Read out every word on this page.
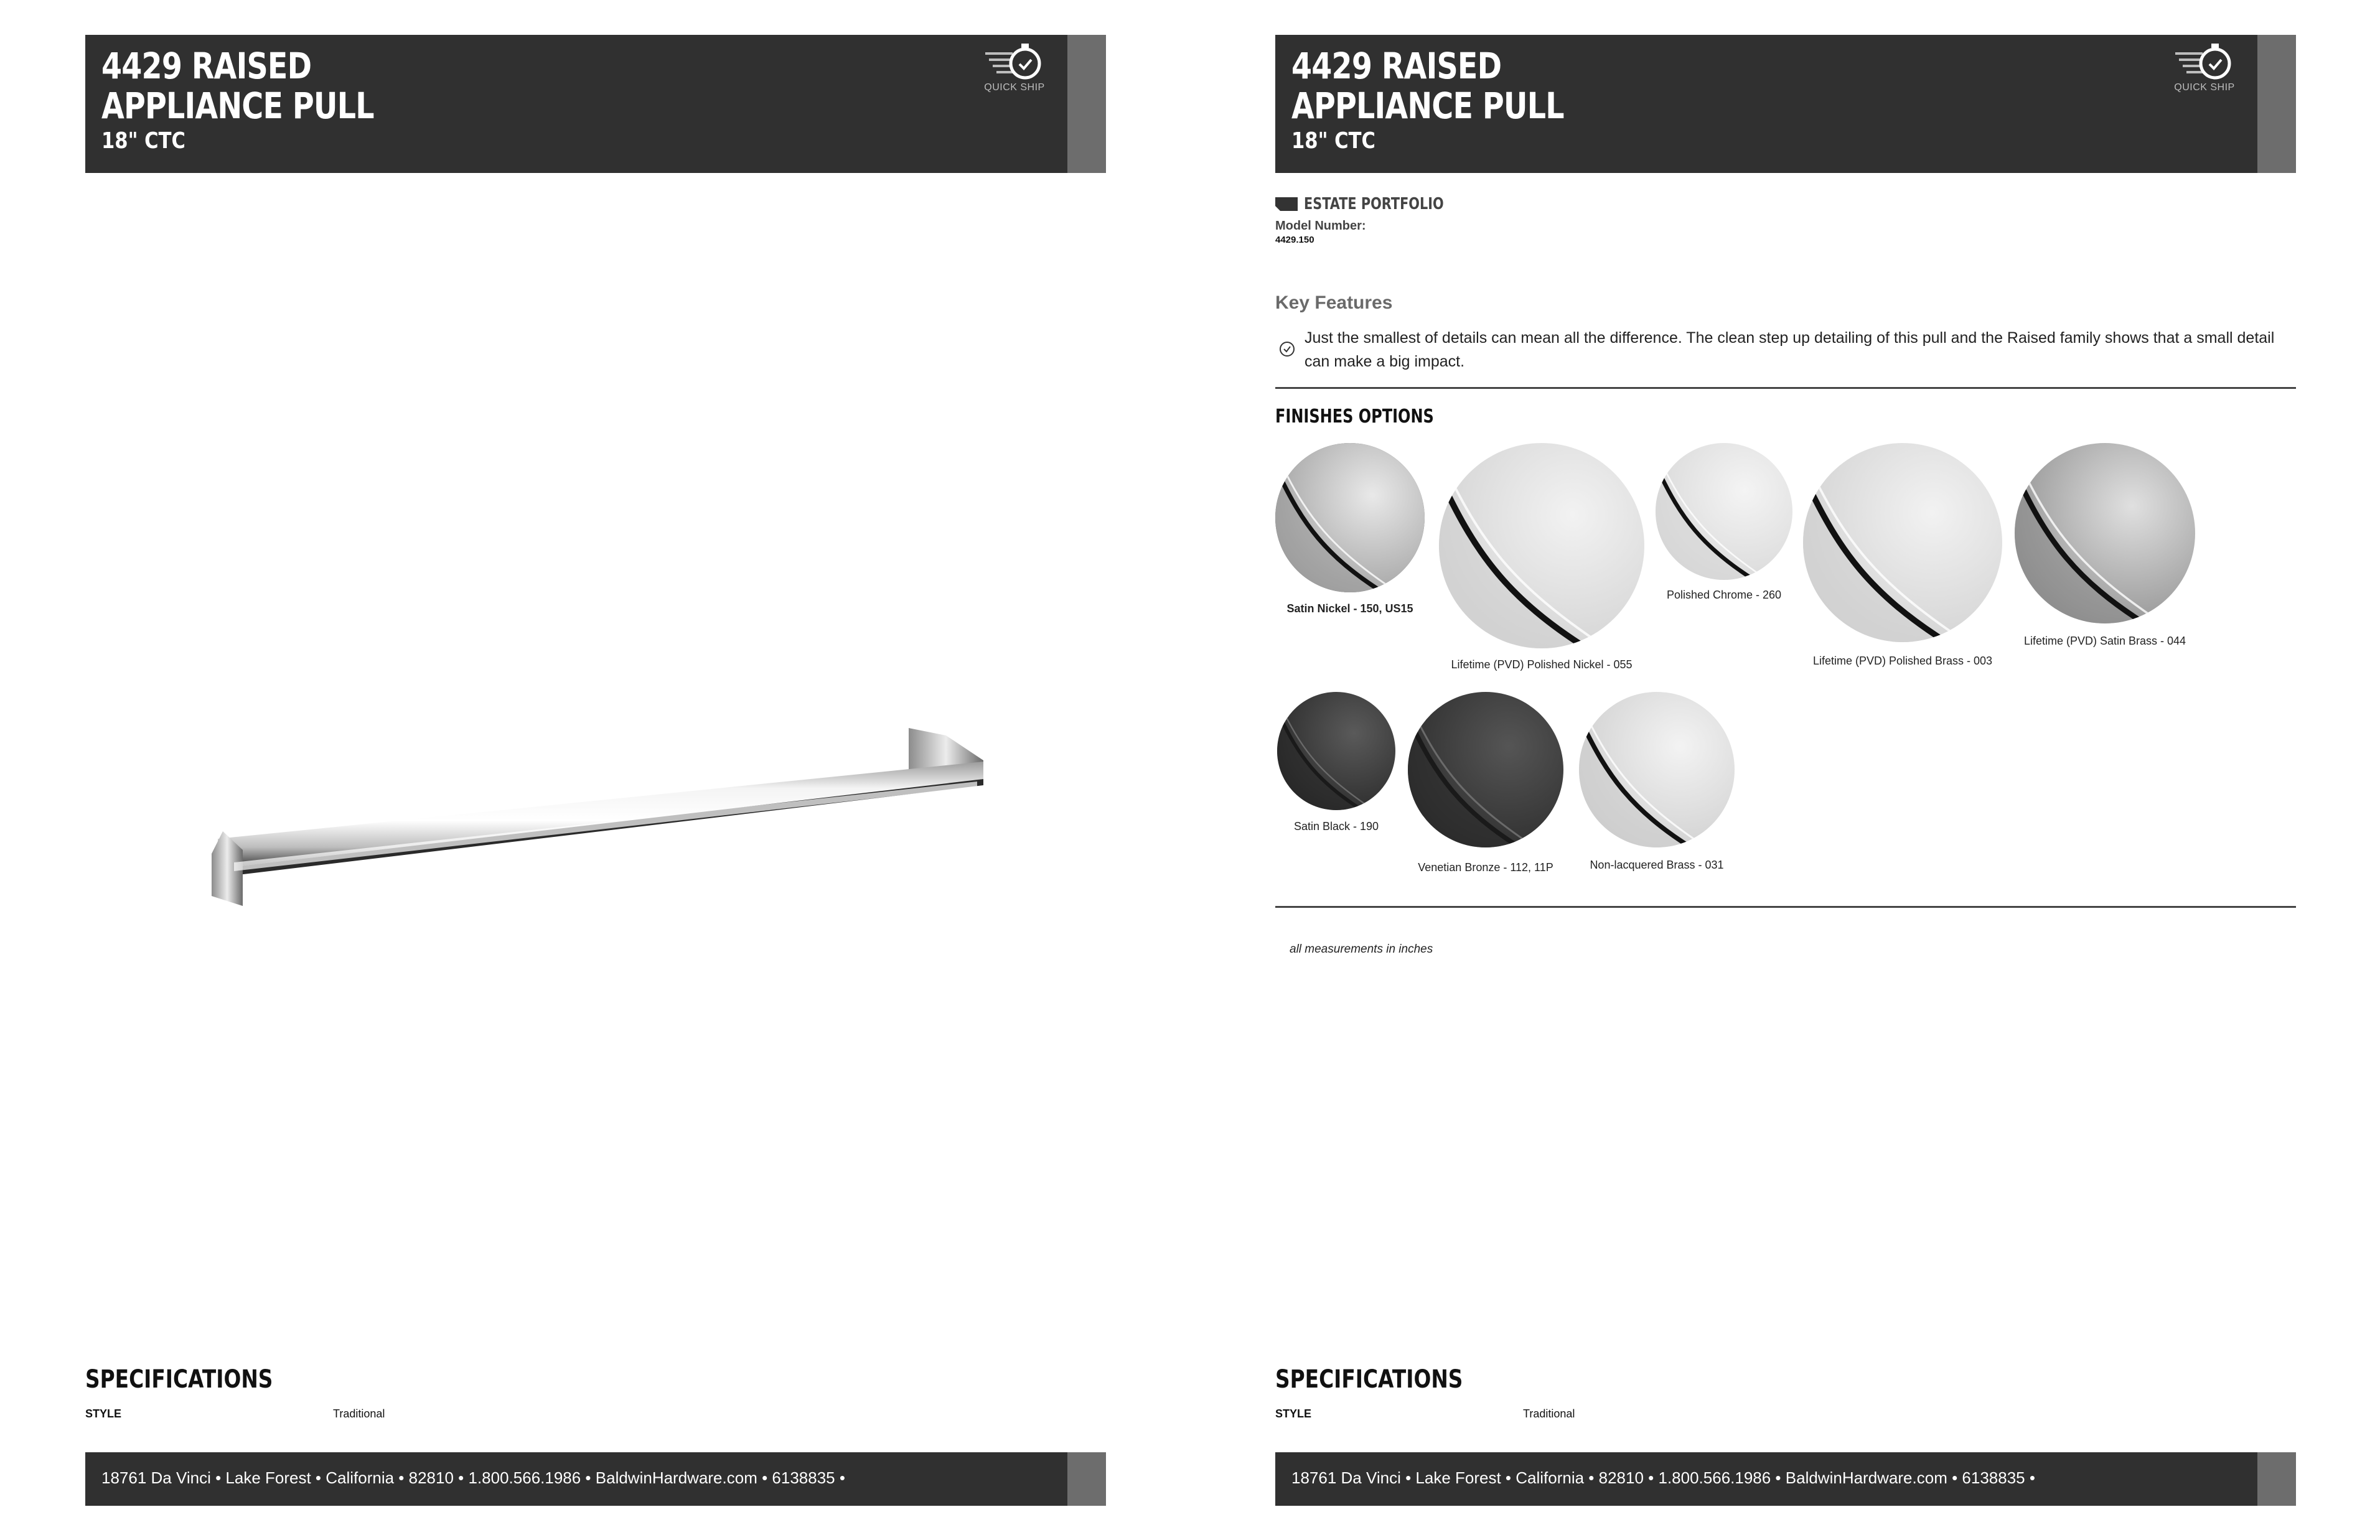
4429 RAISED
APPLIANCE PULL
18" CTC
QUICK SHIP
SPECIFICATIONS
STYLE	Traditional
18761 Da Vinci • Lake Forest • California • 82810 • 1.800.566.1986 • BaldwinHardware.com • 6138835 •
4429 RAISED
APPLIANCE PULL
18" CTC
QUICK SHIP
ESTATE PORTFOLIO
Model Number:
4429.150
Key Features

Just the smallest of details can mean all the difference. The clean step up detailing of this pull and the Raised family shows that a small detail can make a big impact.

FINISHES OPTIONS
Satin Nickel - 150, US15
Lifetime (PVD) Polished Nickel - 055
Polished Chrome - 260
Lifetime (PVD) Polished Brass - 003
Lifetime (PVD) Satin Brass - 044
Satin Black - 190
Venetian Bronze - 112, 11P	Non-lacquered Brass - 031
all measurements in inches
SPECIFICATIONS
STYLE	Traditional
18761 Da Vinci • Lake Forest • California • 82810 • 1.800.566.1986 • BaldwinHardware.com • 6138835 •
